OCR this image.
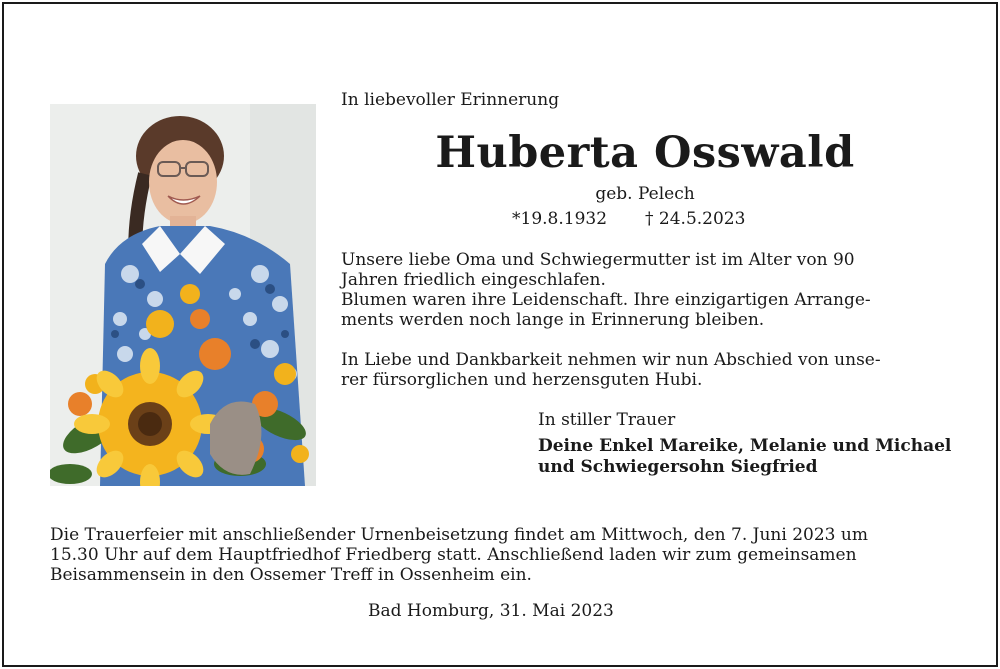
In liebevoller Erinnerung

Huberta Osswald

geb. Pelech

*19.8.1932 † 24.5.2023

Unsere liebe Oma und Schwiegermutter ist im Alter von 90
Jahren friedlich eingeschlafen.
Blumen waren ihre Leidenschaft. Ihre einzigartigen Arrange-
ments werden noch lange in Erinnerung bleiben.
In Liebe und Dankbarkeit nehmen wir nun Abschied von unse-
rer fürsorglichen und herzensguten Hubi.

In stiller Trauer

Deine Enkel Mareike, Melanie und Michael
und Schwiegersohn Siegfried
Die Trauerfeier mit anschließender Urnenbeisetzung findet am Mittwoch, den 7. Juni 2023 um
15.30 Uhr auf dem Hauptfriedhof Friedberg statt. Anschließend laden wir zum gemeinsamen
Beisammensein in den Ossemer Treff in Ossenheim ein.

Bad Homburg, 31. Mai 2023
